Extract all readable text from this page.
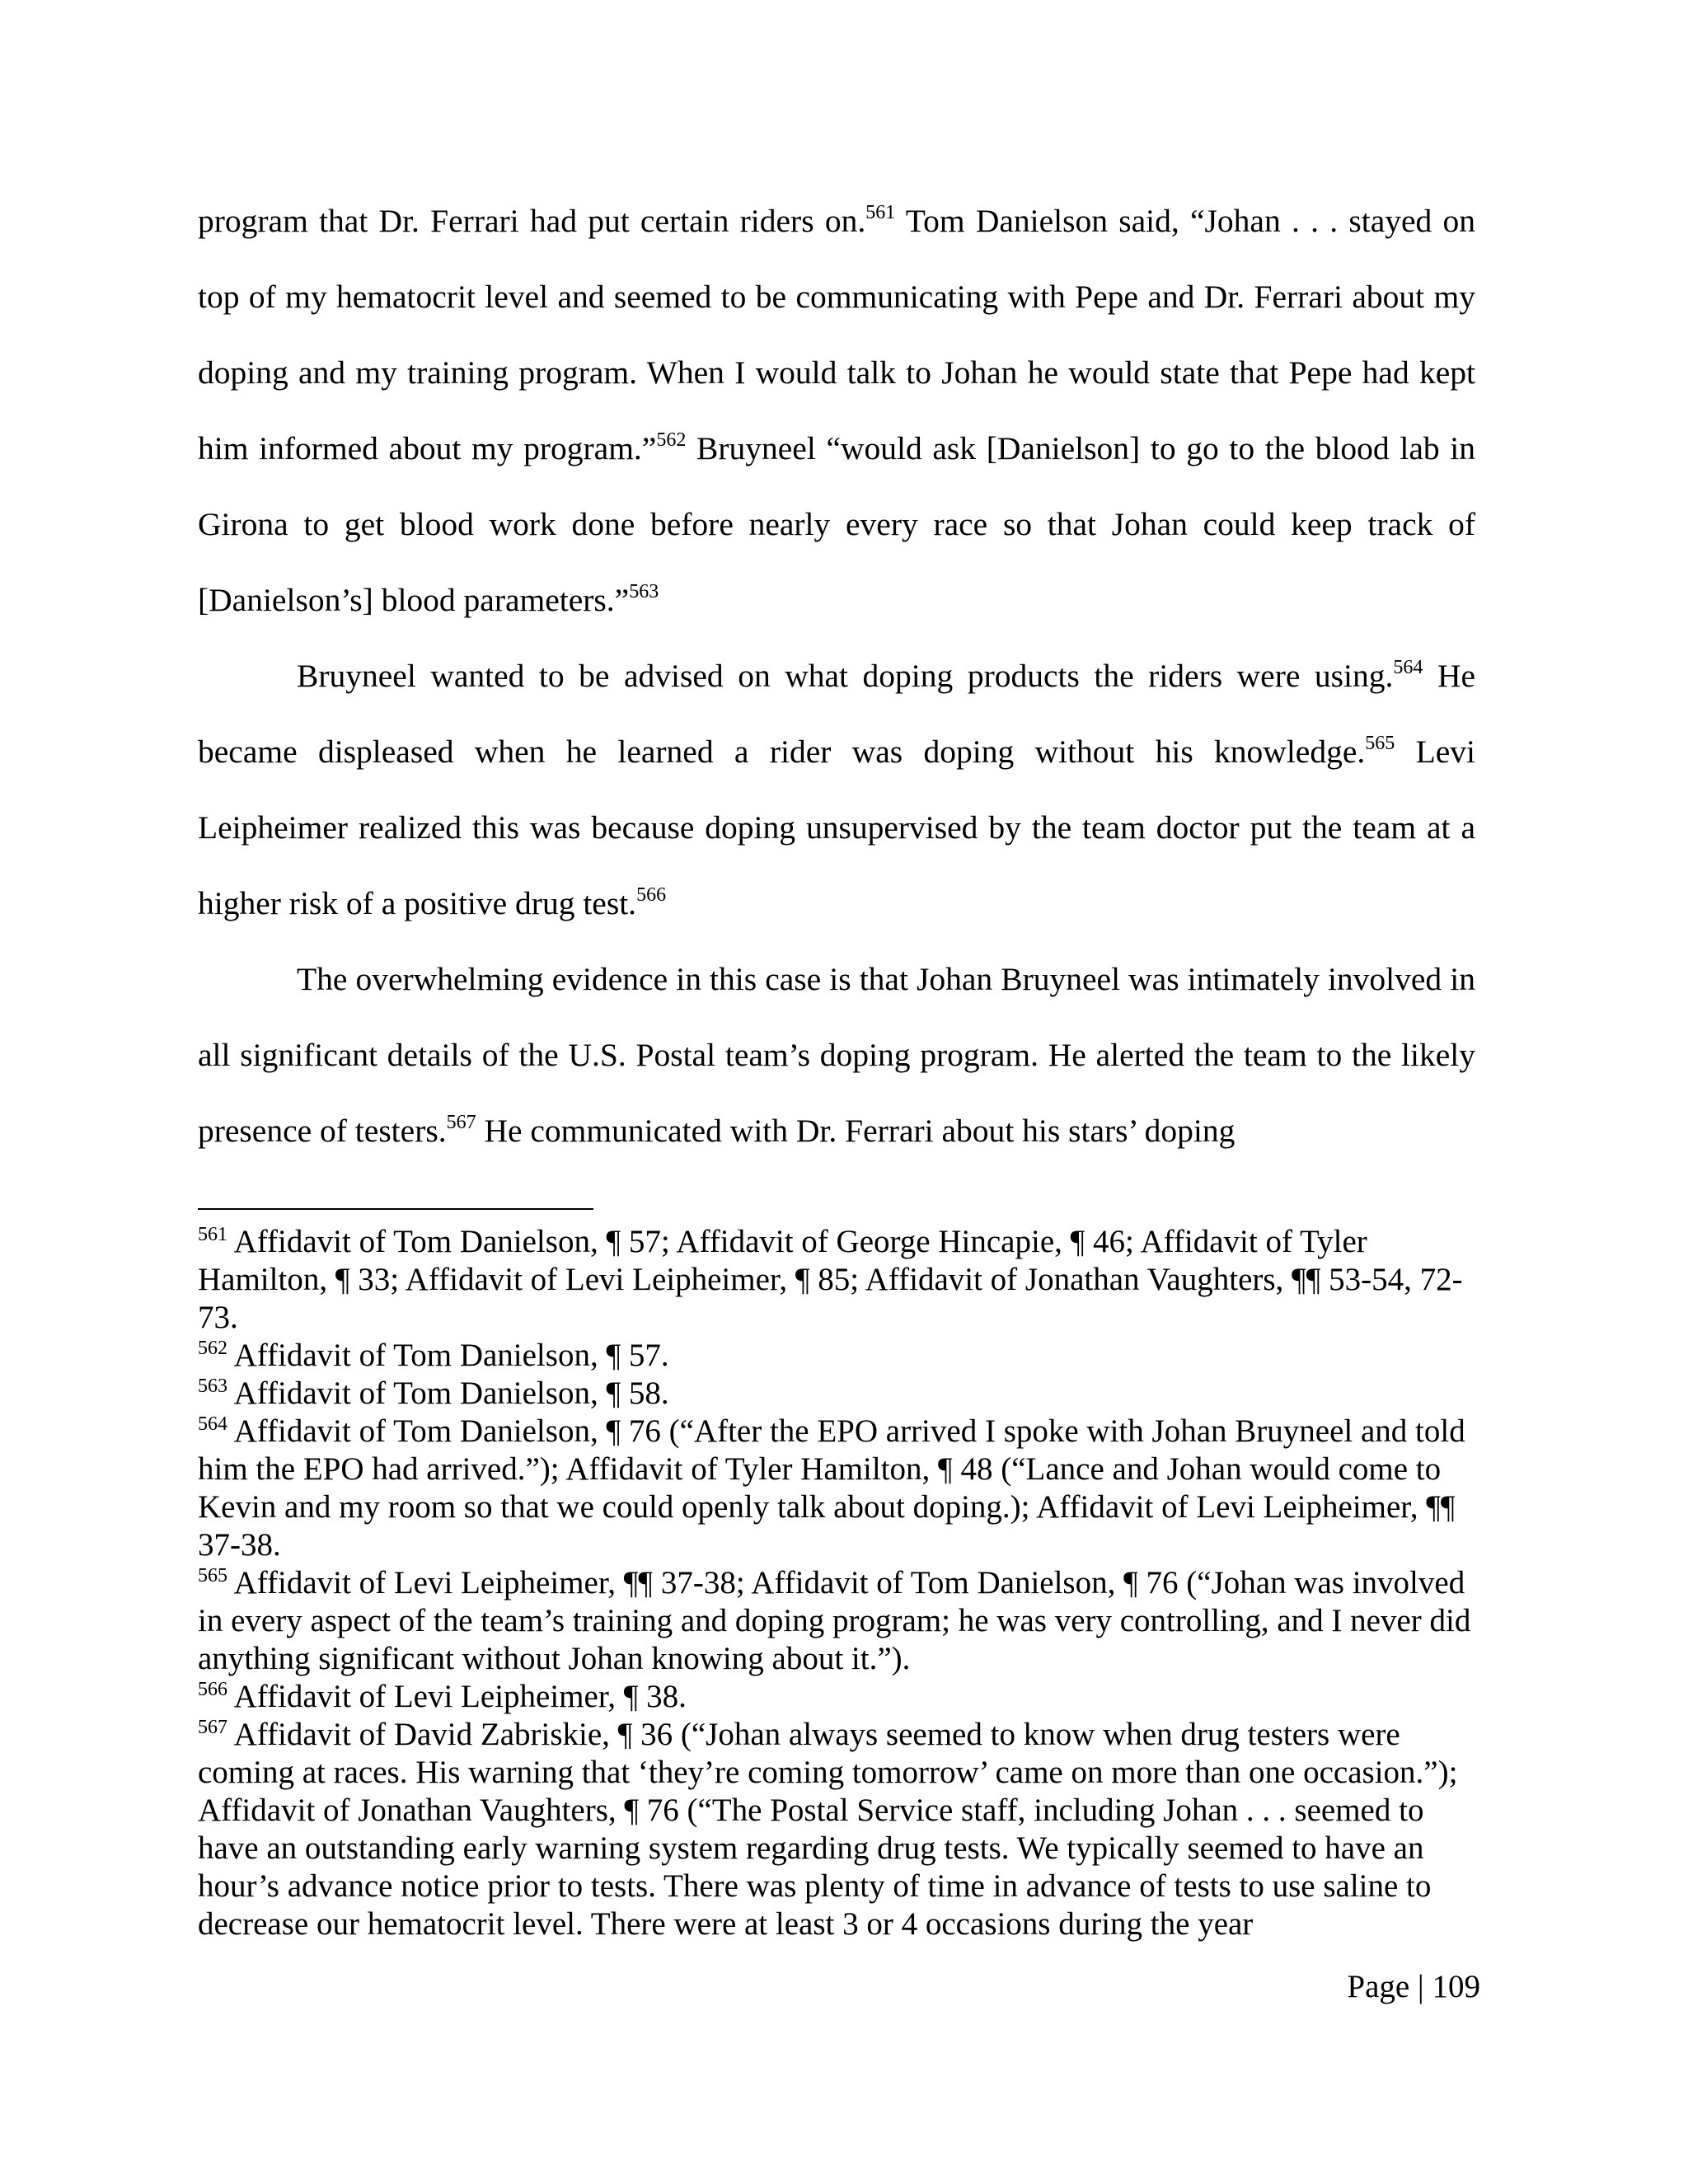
program that Dr. Ferrari had put certain riders on.$^{561}$ Tom Danielson said, “Johan . . . stayed on top of my hematocrit level and seemed to be communicating with Pepe and Dr. Ferrari about my doping and my training program. When I would talk to Johan he would state that Pepe had kept him informed about my program.”$^{562}$ Bruyneel “would ask [Danielson] to go to the blood lab in Girona to get blood work done before nearly every race so that Johan could keep track of [Danielson’s] blood parameters.”$^{563}$

Bruyneel wanted to be advised on what doping products the riders were using.$^{564}$ He became displeased when he learned a rider was doping without his knowledge.$^{565}$ Levi Leipheimer realized this was because doping unsupervised by the team doctor put the team at a higher risk of a positive drug test.$^{566}$

The overwhelming evidence in this case is that Johan Bruyneel was intimately involved in all significant details of the U.S. Postal team’s doping program. He alerted the team to the likely presence of testers.$^{567}$ He communicated with Dr. Ferrari about his stars’ doping

$^{561}$ Affidavit of Tom Danielson, ¶ 57; Affidavit of George Hincapie, ¶ 46; Affidavit of Tyler Hamilton, ¶ 33; Affidavit of Levi Leipheimer, ¶ 85; Affidavit of Jonathan Vaughters, ¶¶ 53-54, 72-73.

$^{562}$ Affidavit of Tom Danielson, ¶ 57.

$^{563}$ Affidavit of Tom Danielson, ¶ 58.

$^{564}$ Affidavit of Tom Danielson, ¶ 76 (“After the EPO arrived I spoke with Johan Bruyneel and told him the EPO had arrived.”); Affidavit of Tyler Hamilton, ¶ 48 (“Lance and Johan would come to Kevin and my room so that we could openly talk about doping.); Affidavit of Levi Leipheimer, ¶¶ 37-38.

$^{565}$ Affidavit of Levi Leipheimer, ¶¶ 37-38; Affidavit of Tom Danielson, ¶ 76 (“Johan was involved in every aspect of the team’s training and doping program; he was very controlling, and I never did anything significant without Johan knowing about it.”).

$^{566}$ Affidavit of Levi Leipheimer, ¶ 38.

$^{567}$ Affidavit of David Zabriskie, ¶ 36 (“Johan always seemed to know when drug testers were coming at races. His warning that ‘they’re coming tomorrow’ came on more than one occasion.”); Affidavit of Jonathan Vaughters, ¶ 76 (“The Postal Service staff, including Johan . . . seemed to have an outstanding early warning system regarding drug tests. We typically seemed to have an hour’s advance notice prior to tests. There was plenty of time in advance of tests to use saline to decrease our hematocrit level. There were at least 3 or 4 occasions during the year

Page | 109
